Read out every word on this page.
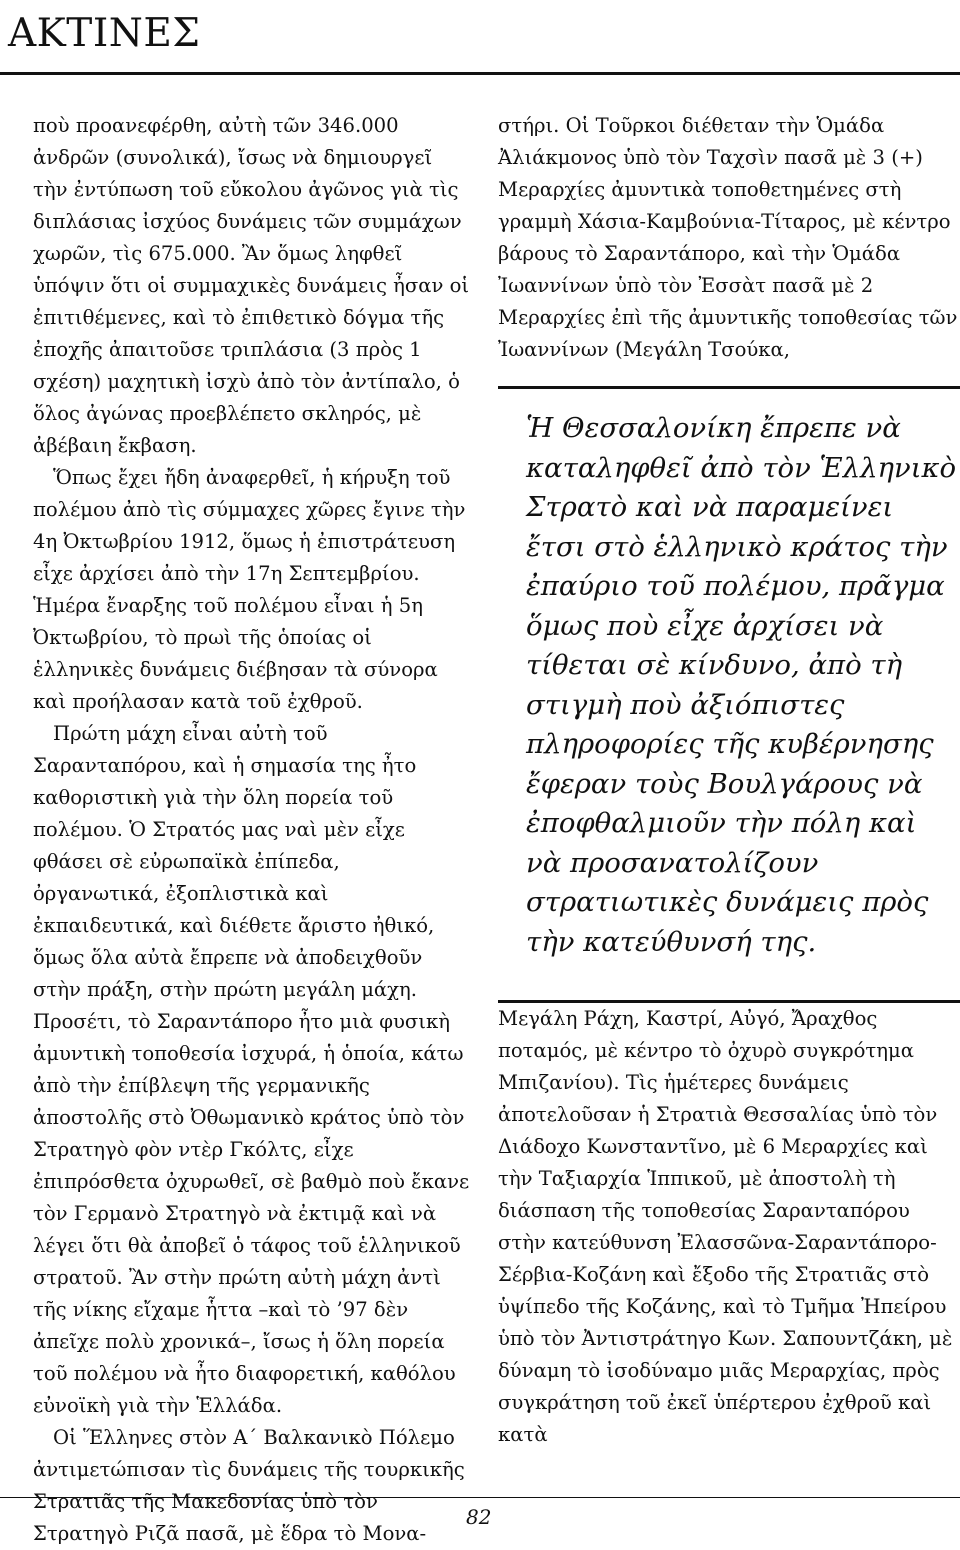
ΑΚΤΙΝΕΣ

ποὺ προανεφέρθη, αὐτὴ τῶν 346.000 ἀνδρῶν (συνολικά), ἴσως νὰ δημιουργεῖ τὴν ἐντύπωση τοῦ εὔκολου ἀγῶνος γιὰ τὶς διπλάσιας ἰσχύος δυνάμεις τῶν συμμάχων χωρῶν, τὶς 675.000. Ἂν ὅμως ληφθεῖ ὑπόψιν ὅτι οἱ συμμαχικὲς δυνάμεις ἦσαν οἱ ἐπιτιθέμενες, καὶ τὸ ἐπιθετικὸ δόγμα τῆς ἐποχῆς ἀπαιτοῦσε τριπλάσια (3 πρὸς 1 σχέση) μαχητικὴ ἰσχὺ ἀπὸ τὸν ἀντίπαλο, ὁ ὅλος ἀγώνας προεβλέπετο σκληρός, μὲ ἀβέβαιη ἔκβαση.

Ὅπως ἔχει ἤδη ἀναφερθεῖ, ἡ κήρυξη τοῦ πολέμου ἀπὸ τὶς σύμμαχες χῶρες ἔγινε τὴν 4η Ὀκτωβρίου 1912, ὅμως ἡ ἐπιστράτευση εἶχε ἀρχίσει ἀπὸ τὴν 17η Σεπτεμβρίου. Ἡμέρα ἔναρξης τοῦ πολέμου εἶναι ἡ 5η Ὀκτωβρίου, τὸ πρωὶ τῆς ὁποίας οἱ ἑλληνικὲς δυνάμεις διέβησαν τὰ σύνορα καὶ προήλασαν κατὰ τοῦ ἐχθροῦ.

Πρώτη μάχη εἶναι αὐτὴ τοῦ Σαρανταπόρου, καὶ ἡ σημασία της ἦτο καθοριστικὴ γιὰ τὴν ὅλη πορεία τοῦ πολέμου. Ὁ Στρατός μας ναὶ μὲν εἶχε φθάσει σὲ εὐρωπαϊκὰ ἐπίπεδα, ὀργανωτικά, ἐξοπλιστικὰ καὶ ἐκπαιδευτικά, καὶ διέθετε ἄριστο ἠθικό, ὅμως ὅλα αὐτὰ ἔπρεπε νὰ ἀποδειχθοῦν στὴν πράξη, στὴν πρώτη μεγάλη μάχη. Προσέτι, τὸ Σαραντάπορο ἦτο μιὰ φυσικὴ ἀμυντικὴ τοποθεσία ἰσχυρά, ἡ ὁποία, κάτω ἀπὸ τὴν ἐπίβλεψη τῆς γερμανικῆς ἀποστολῆς στὸ Ὀθωμανικὸ κράτος ὑπὸ τὸν Στρατηγὸ φὸν ντὲρ Γκόλτς, εἶχε ἐπιπρόσθετα ὀχυρωθεῖ, σὲ βαθμὸ ποὺ ἔκανε τὸν Γερμανὸ Στρατηγὸ νὰ ἐκτιμᾷ καὶ νὰ λέγει ὅτι θὰ ἀποβεῖ ὁ τάφος τοῦ ἑλληνικοῦ στρατοῦ. Ἂν στὴν πρώτη αὐτὴ μάχη ἀντὶ τῆς νίκης εἴχαμε ἧττα –καὶ τὸ ’97 δὲν ἀπεῖχε πολὺ χρονικά–, ἴσως ἡ ὅλη πορεία τοῦ πολέμου νὰ ἦτο διαφορετική, καθόλου εὐνοϊκὴ γιὰ τὴν Ἑλλάδα.

Οἱ Ἕλληνες στὸν Α΄ Βαλκανικὸ Πόλεμο ἀντιμετώπισαν τὶς δυνάμεις τῆς τουρκικῆς Στρατιᾶς τῆς Μακεδονίας ὑπὸ τὸν Στρατηγὸ Ριζᾶ πασᾶ, μὲ ἕδρα τὸ Μονα-

στήρι. Οἱ Τοῦρκοι διέθεταν τὴν Ὁμάδα Ἀλιάκμονος ὑπὸ τὸν Ταχσὶν πασᾶ μὲ 3 (+) Μεραρχίες ἀμυντικὰ τοποθετημένες στὴ γραμμὴ Χάσια-Καμβούνια-Τίταρος, μὲ κέντρο βάρους τὸ Σαραντάπορο, καὶ τὴν Ὁμάδα Ἰωαννίνων ὑπὸ τὸν Ἐσσὰτ πασᾶ μὲ 2 Μεραρχίες ἐπὶ τῆς ἀμυντικῆς τοποθεσίας τῶν Ἰωαννίνων (Μεγάλη Τσούκα,

Ἡ Θεσσαλονίκη ἔπρεπε νὰ καταληφθεῖ ἀπὸ τὸν Ἑλληνικὸ Στρατὸ καὶ νὰ παραμείνει ἔτσι στὸ ἑλληνικὸ κράτος τὴν ἐπαύριο τοῦ πολέμου, πρᾶγμα ὅμως ποὺ εἶχε ἀρχίσει νὰ τίθεται σὲ κίνδυνο, ἀπὸ τὴ στιγμὴ ποὺ ἀξιόπιστες πληροφορίες τῆς κυβέρνησης ἔφεραν τοὺς Βουλγάρους νὰ ἐποφθαλμιοῦν τὴν πόλη καὶ νὰ προσανατολίζουν στρατιωτικὲς δυνάμεις πρὸς τὴν κατεύθυνσή της.

Μεγάλη Ράχη, Καστρί, Αὐγό, Ἄραχθος ποταμός, μὲ κέντρο τὸ ὀχυρὸ συγκρότημα Μπιζανίου). Τὶς ἡμέτερες δυνάμεις ἀποτελοῦσαν ἡ Στρατιὰ Θεσσαλίας ὑπὸ τὸν Διάδοχο Κωνσταντῖνο, μὲ 6 Μεραρχίες καὶ τὴν Ταξιαρχία Ἱππικοῦ, μὲ ἀποστολὴ τὴ διάσπαση τῆς τοποθεσίας Σαρανταπόρου στὴν κατεύθυνση Ἐλασσῶνα-Σαραντάπορο-Σέρβια-Κοζάνη καὶ ἔξοδο τῆς Στρατιᾶς στὸ ὑψίπεδο τῆς Κοζάνης, καὶ τὸ Τμῆμα Ἠπείρου ὑπὸ τὸν Ἀντιστράτηγο Κων. Σαπουντζάκη, μὲ δύναμη τὸ ἰσοδύναμο μιᾶς Μεραρχίας, πρὸς συγκράτηση τοῦ ἐκεῖ ὑπέρτερου ἐχθροῦ καὶ κατὰ

82
